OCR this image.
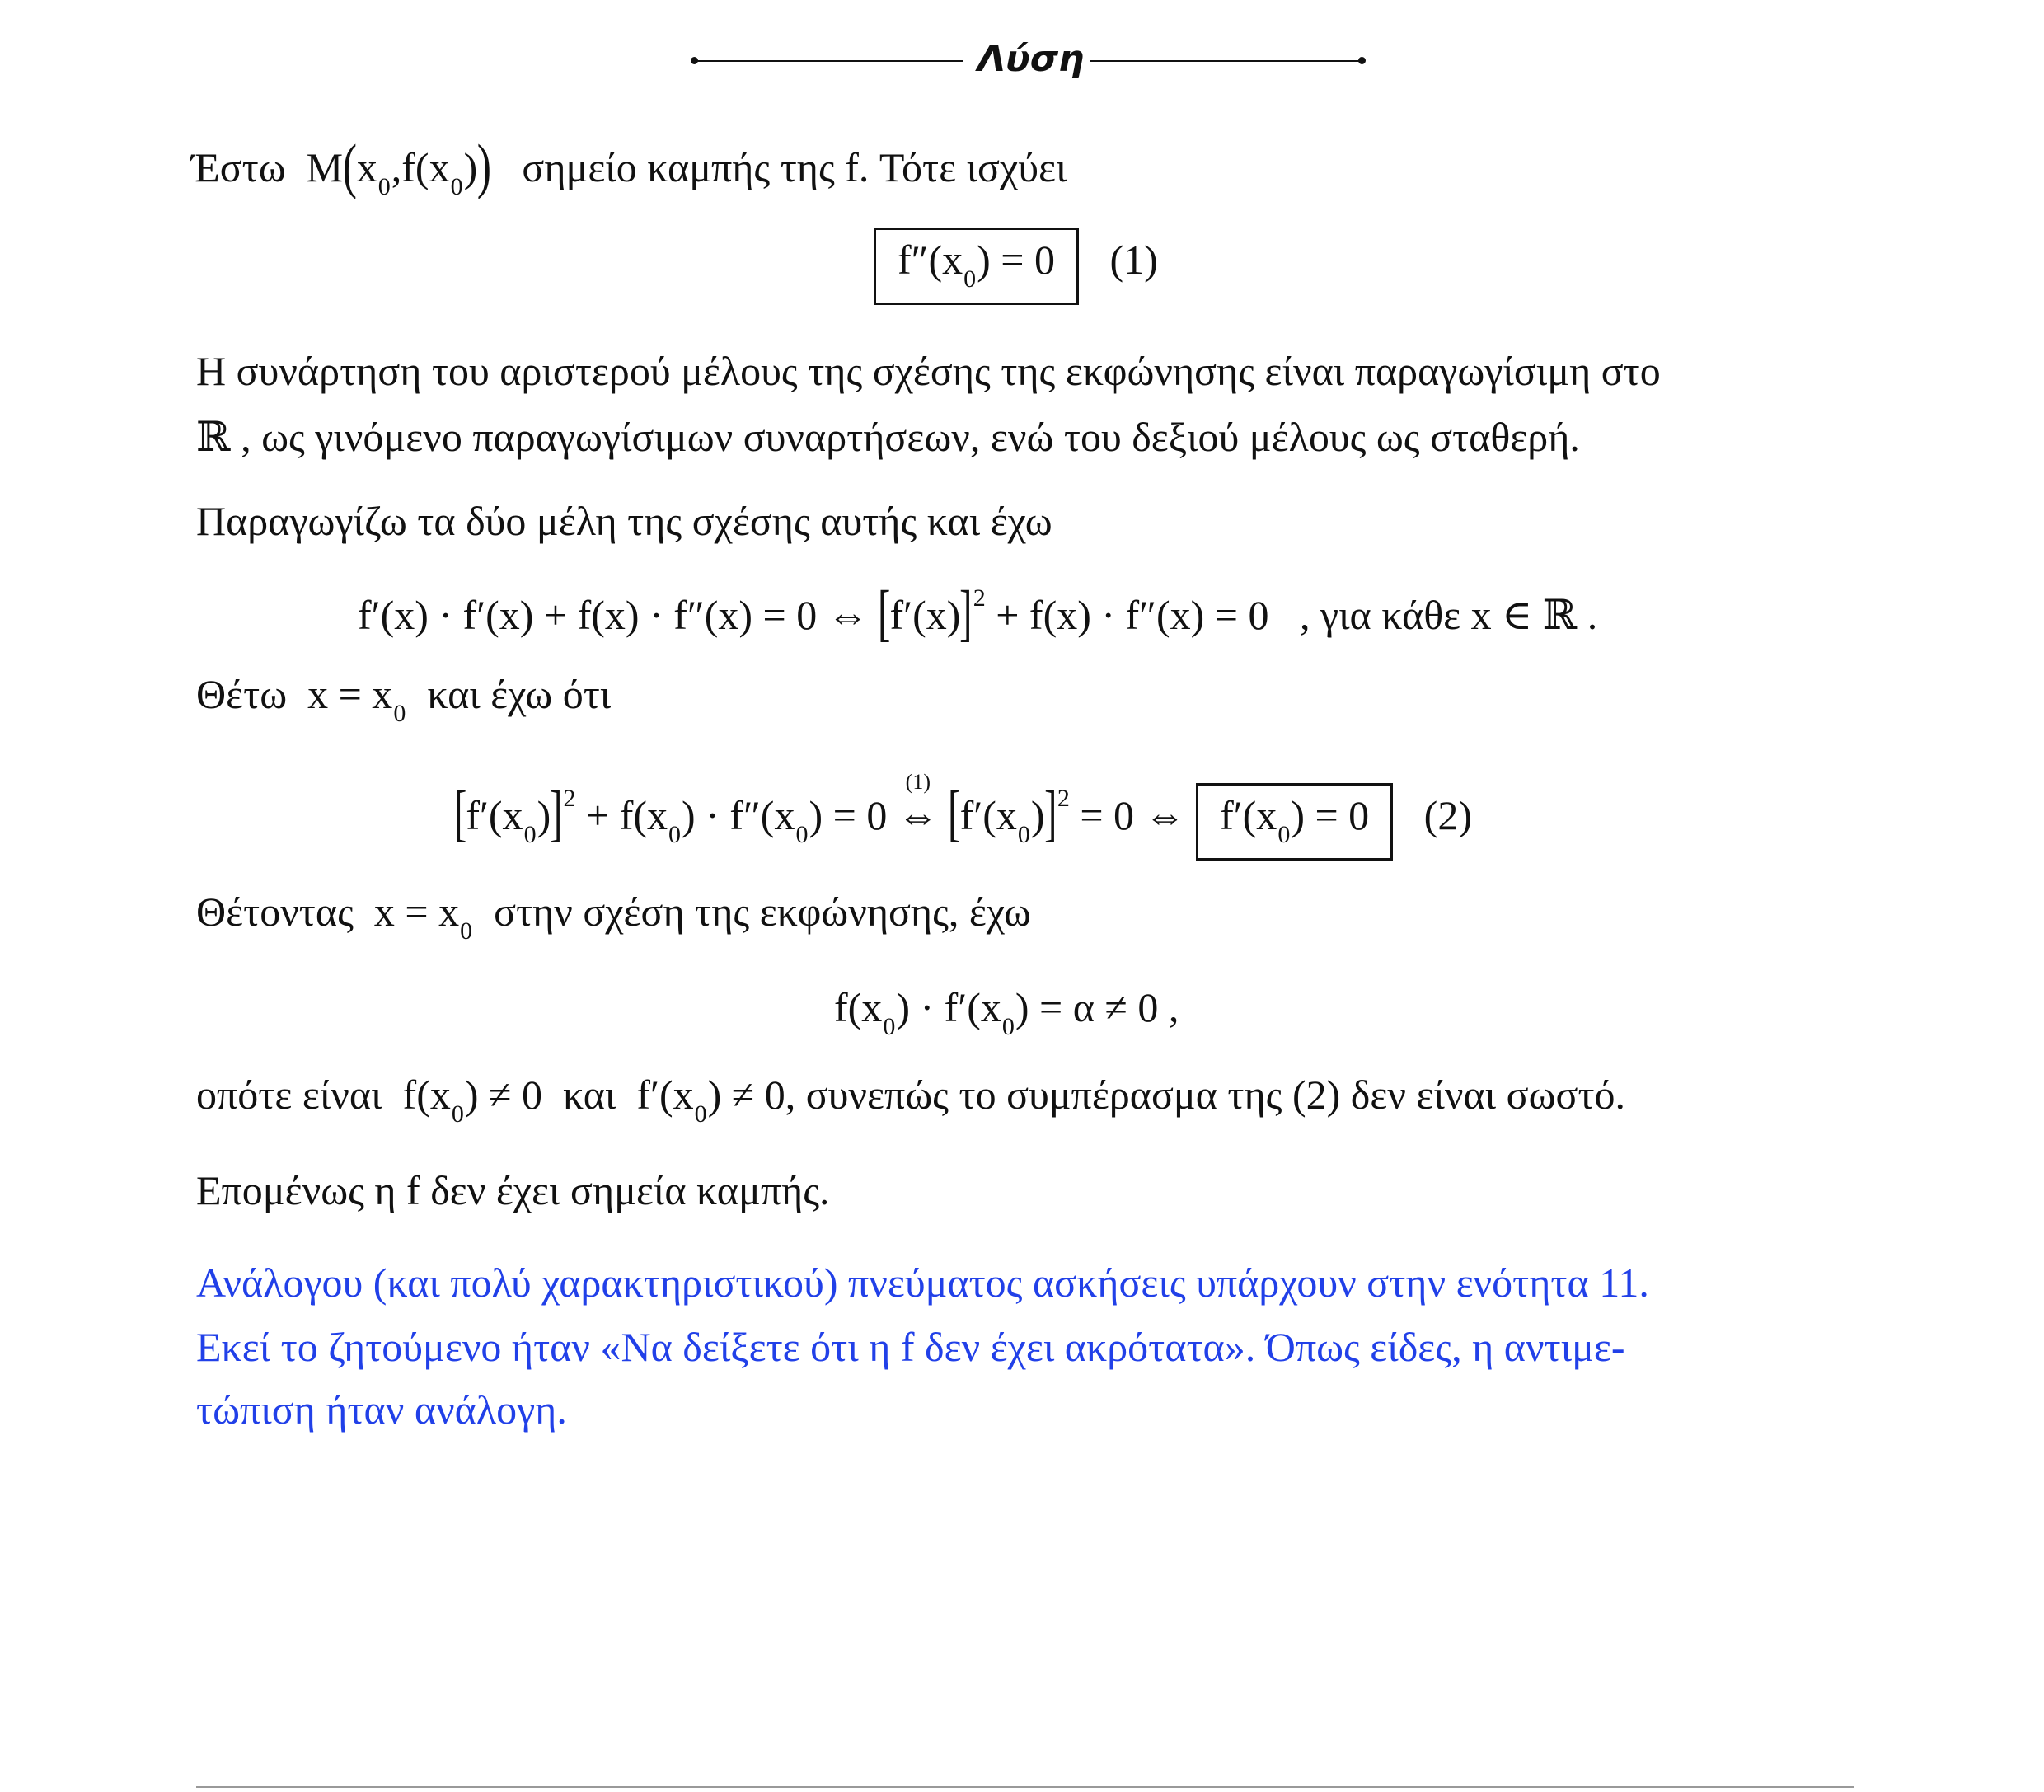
Λύση
Έστω $M(x_0,f(x_0))$ σημείο καμπής της f. Τότε ισχύει
$f''(x_0) = 0$ (1)
Η συνάρτηση του αριστερού μέλους της σχέσης της εκφώνησης είναι παραγωγίσιμη στο
ℝ , ως γινόμενο παραγωγίσιμων συναρτήσεων, ενώ του δεξιού μέλους ως σταθερή.
Παραγωγίζω τα δύο μέλη της σχέσης αυτής και έχω
f′(x) · f′(x) + f(x) · f″(x) = 0 ⇔ $[f'(x)]^2 + f(x) \cdot f''(x) = 0$ , για κάθε x ∈ ℝ .
Θέτω $x = x_0$ και έχω ότι
$[f'(x_0)]^2 + f(x_0) \cdot f''(x_0) = 0$
(1)
⇔ $[f'(x_0)]^2 = 0$ ⇔ $f'(x_0) = 0$ (2)
Θέτοντας $x = x_0$ στην σχέση της εκφώνησης, έχω
$f(x_0) \cdot f'(x_0) = \alpha \ne 0$ ,
οπότε είναι $f(x_0) \ne 0$ και $f'(x_0) \ne 0$, συνεπώς το συμπέρασμα της (2) δεν είναι σωστό.
Επομένως η f δεν έχει σημεία καμπής.
Ανάλογου (και πολύ χαρακτηριστικού) πνεύματος ασκήσεις υπάρχουν στην ενότητα 11.
Εκεί το ζητούμενο ήταν «Να δείξετε ότι η f δεν έχει ακρότατα». Όπως είδες, η αντιμε-
τώπιση ήταν ανάλογη.
